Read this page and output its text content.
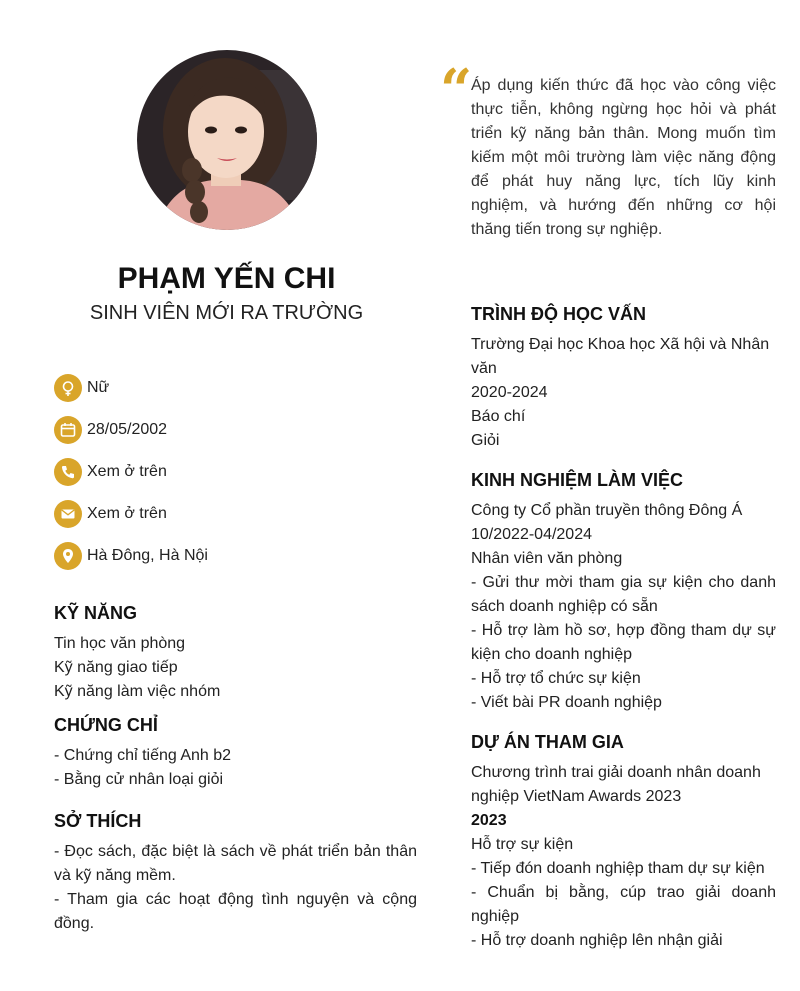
PHẠM YẾN CHI

SINH VIÊN MỚI RA TRƯỜNG

Nữ
28/05/2002
Xem ở trên
Xem ở trên
Hà Đông, Hà Nội
KỸ NĂNG

Tin học văn phòng

Kỹ năng giao tiếp

Kỹ năng làm việc nhóm

CHỨNG CHỈ

- Chứng chỉ tiếng Anh b2

- Bằng cử nhân loại giỏi

SỞ THÍCH

- Đọc sách, đặc biệt là sách về phát triển bản thân và kỹ năng mềm.

- Tham gia các hoạt động tình nguyện và cộng đồng.

“

Áp dụng kiến thức đã học vào công việc thực tiễn, không ngừng học hỏi và phát triển kỹ năng bản thân. Mong muốn tìm kiếm một môi trường làm việc năng động để phát huy năng lực, tích lũy kinh nghiệm, và hướng đến những cơ hội thăng tiến trong sự nghiệp.

TRÌNH ĐỘ HỌC VẤN

Trường Đại học Khoa học Xã hội và Nhân văn

2020-2024

Báo chí

Giỏi

KINH NGHIỆM LÀM VIỆC

Công ty Cổ phần truyền thông Đông Á

10/2022-04/2024

Nhân viên văn phòng

- Gửi thư mời tham gia sự kiện cho danh sách doanh nghiệp có sẵn

- Hỗ trợ làm hồ sơ, hợp đồng tham dự sự kiện cho doanh nghiệp

- Hỗ trợ tổ chức sự kiện

- Viết bài PR doanh nghiệp

DỰ ÁN THAM GIA

Chương trình trai giải doanh nhân doanh nghiệp VietNam Awards 2023

2023

Hỗ trợ sự kiện

- Tiếp đón doanh nghiệp tham dự sự kiện

- Chuẩn bị bằng, cúp trao giải doanh nghiệp

- Hỗ trợ doanh nghiệp lên nhận giải
